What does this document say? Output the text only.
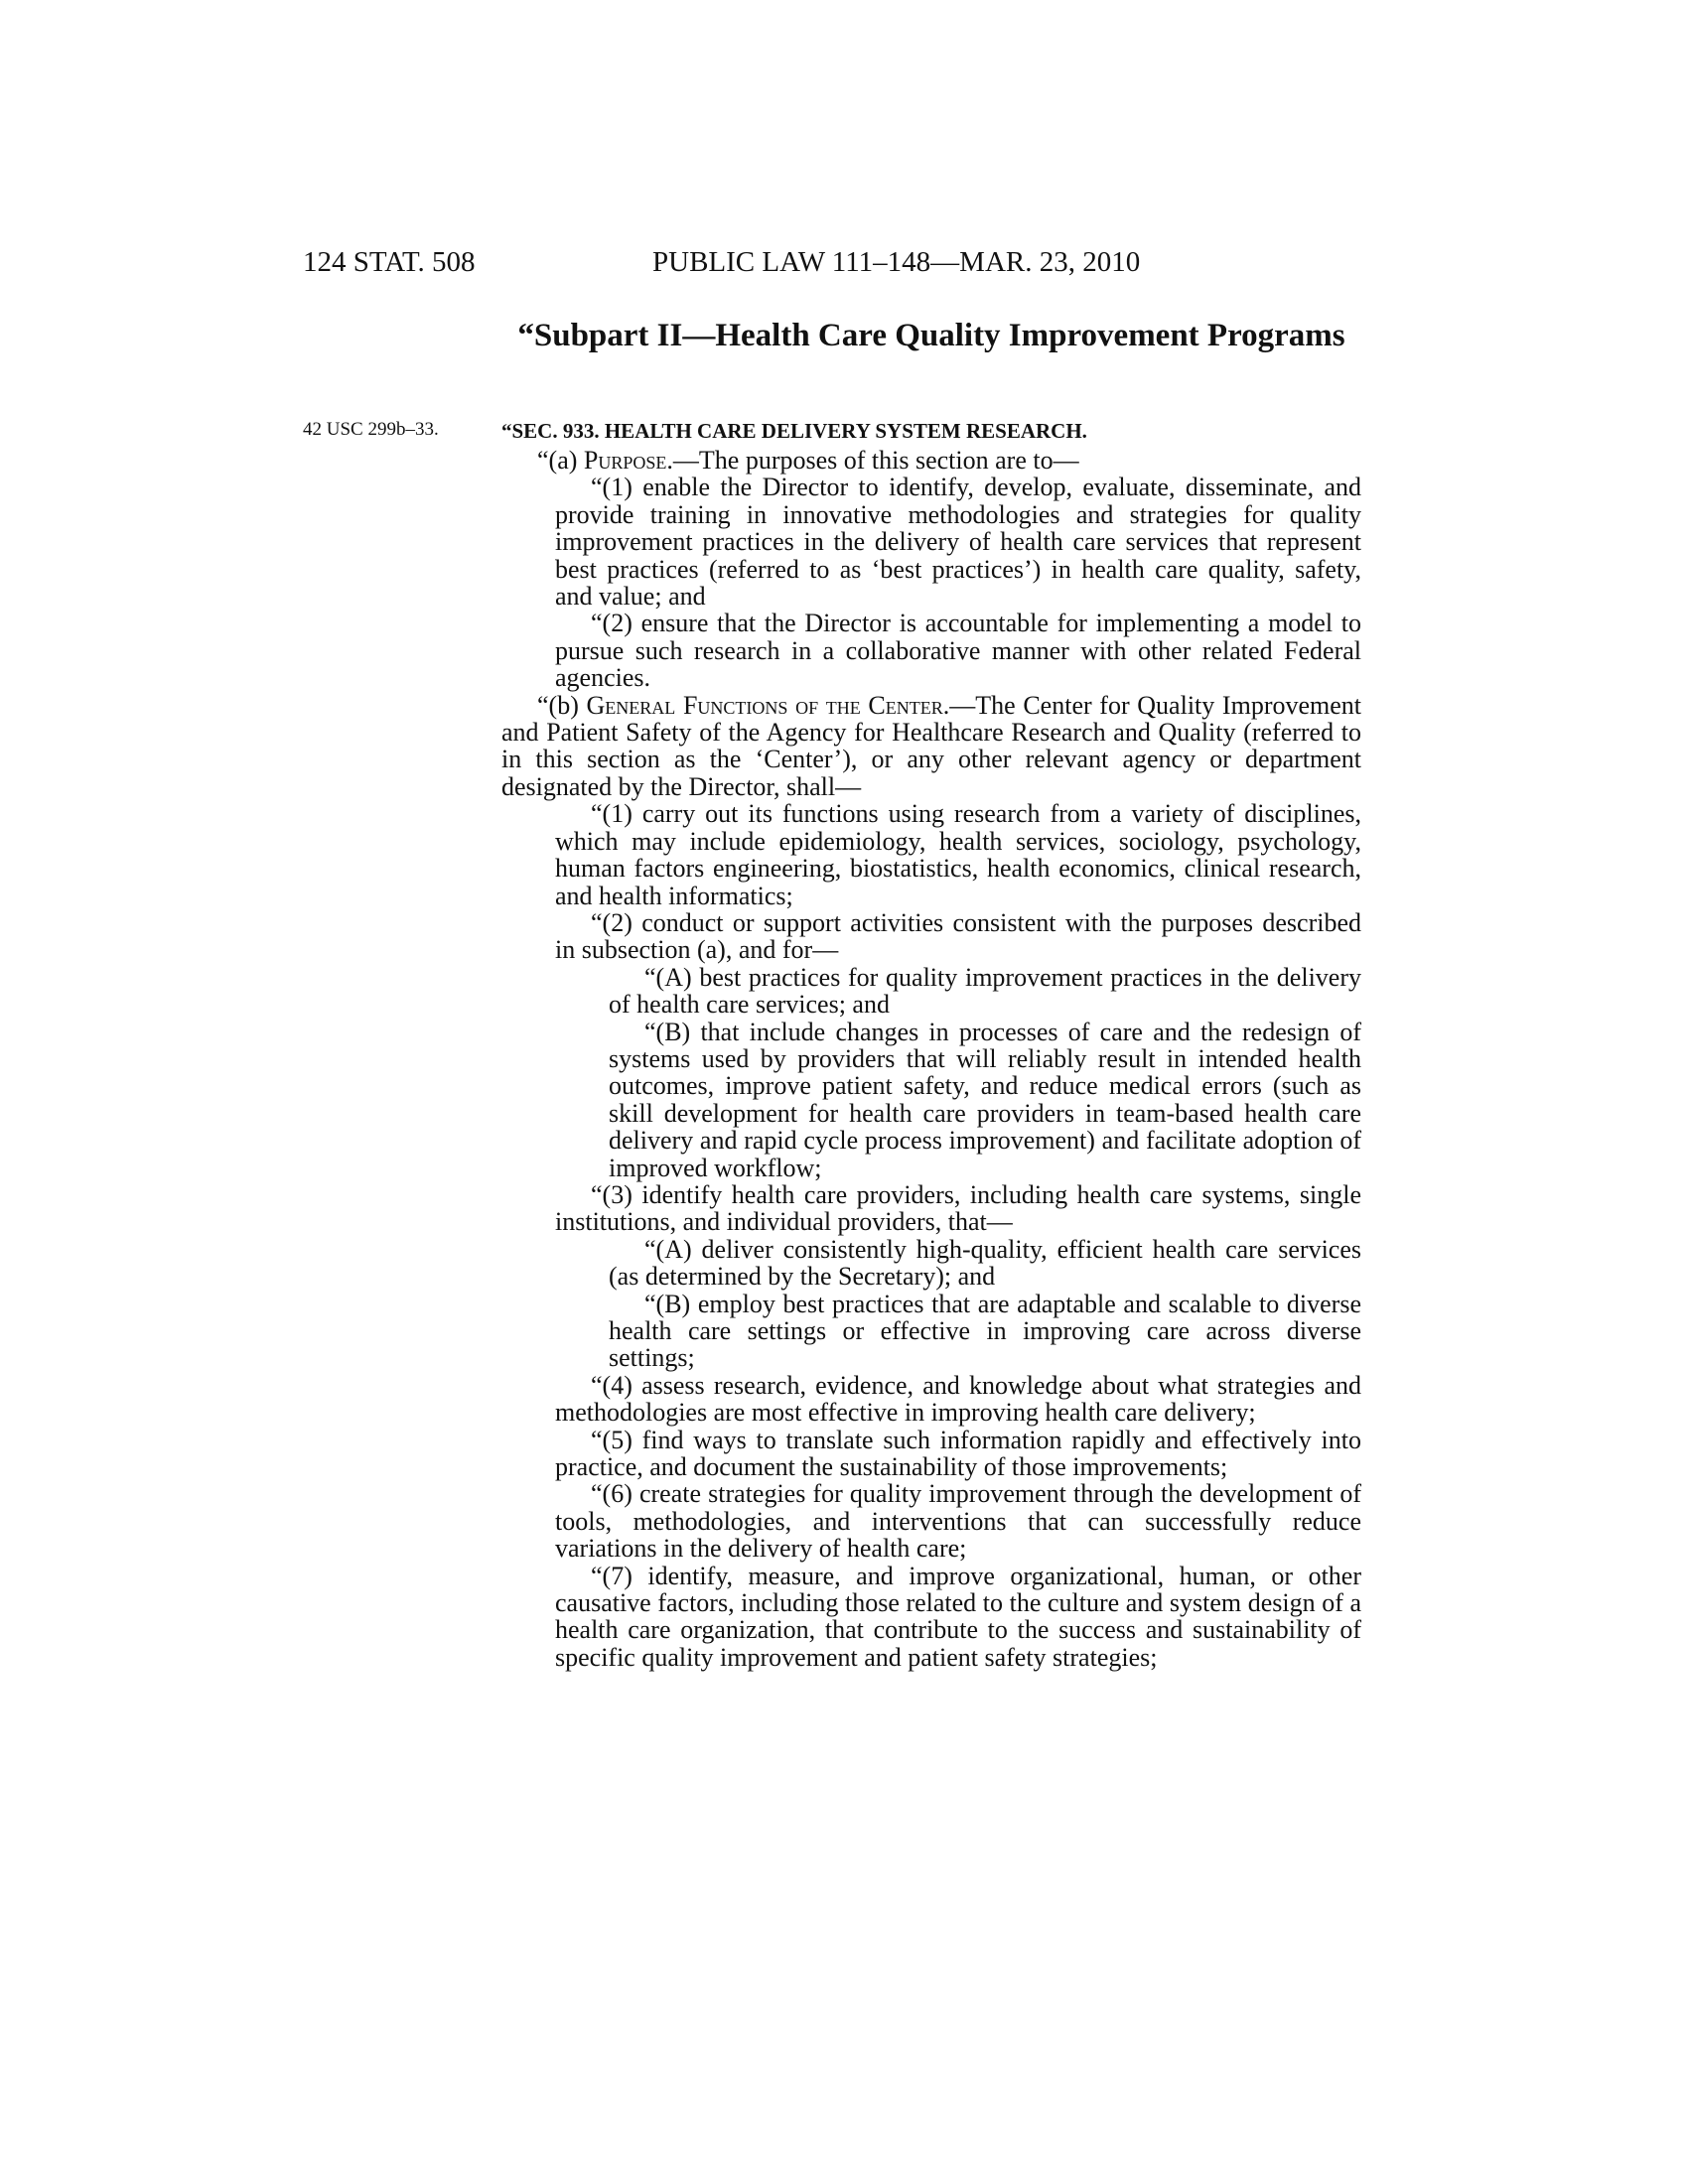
124 STAT. 508	PUBLIC LAW 111–148—MAR. 23, 2010
“Subpart II—Health Care Quality Improvement Programs
42 USC 299b–33.	“SEC. 933. HEALTH CARE DELIVERY SYSTEM RESEARCH.

“(a) Purpose.—The purposes of this section are to—

“(1) enable the Director to identify, develop, evaluate, disseminate, and provide training in innovative methodologies and strategies for quality improvement practices in the delivery of health care services that represent best practices (referred to as ‘best practices’) in health care quality, safety, and value; and

“(2) ensure that the Director is accountable for implementing a model to pursue such research in a collaborative manner with other related Federal agencies.

“(b) General Functions of the Center.—The Center for Quality Improvement and Patient Safety of the Agency for Healthcare Research and Quality (referred to in this section as the ‘Center’), or any other relevant agency or department designated by the Director, shall—

“(1) carry out its functions using research from a variety of disciplines, which may include epidemiology, health services, sociology, psychology, human factors engineering, biostatistics, health economics, clinical research, and health informatics;

“(2) conduct or support activities consistent with the purposes described in subsection (a), and for—

“(A) best practices for quality improvement practices in the delivery of health care services; and

“(B) that include changes in processes of care and the redesign of systems used by providers that will reliably result in intended health outcomes, improve patient safety, and reduce medical errors (such as skill development for health care providers in team-based health care delivery and rapid cycle process improvement) and facilitate adoption of improved workflow;

“(3) identify health care providers, including health care systems, single institutions, and individual providers, that—

“(A) deliver consistently high-quality, efficient health care services (as determined by the Secretary); and

“(B) employ best practices that are adaptable and scalable to diverse health care settings or effective in improving care across diverse settings;

“(4) assess research, evidence, and knowledge about what strategies and methodologies are most effective in improving health care delivery;

“(5) find ways to translate such information rapidly and effectively into practice, and document the sustainability of those improvements;

“(6) create strategies for quality improvement through the development of tools, methodologies, and interventions that can successfully reduce variations in the delivery of health care;

“(7) identify, measure, and improve organizational, human, or other causative factors, including those related to the culture and system design of a health care organization, that contribute to the success and sustainability of specific quality improvement and patient safety strategies;
